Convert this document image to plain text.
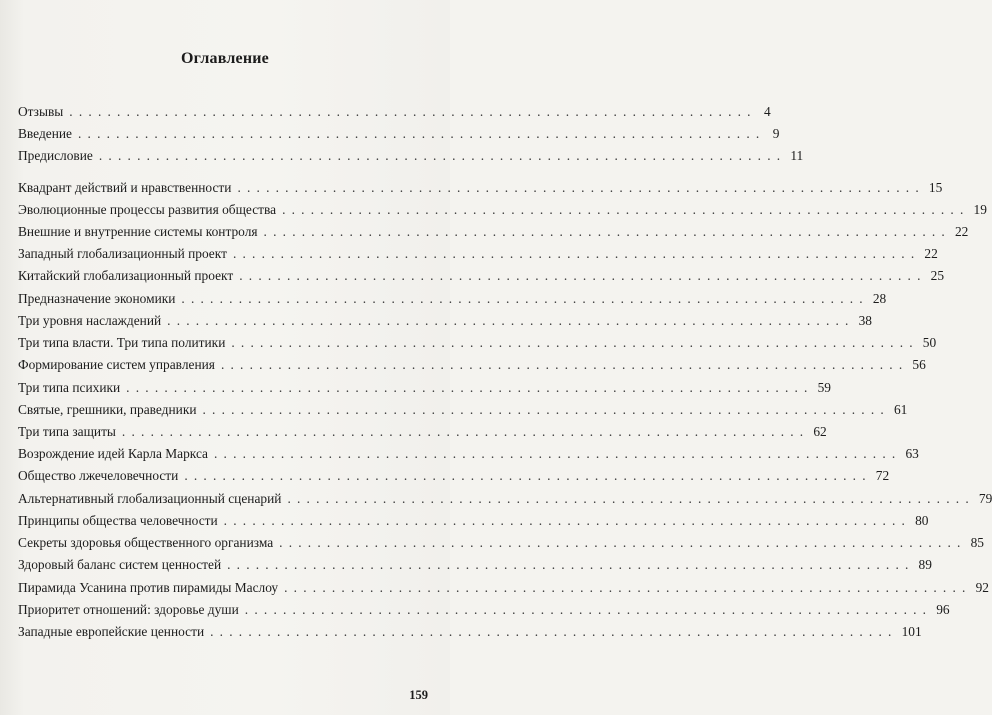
Оглавление
Отзывы ........................................................................ 4
Введение ........................................................................ 9
Предисловие ........................................................................ 11
Квадрант действий и нравственности ........................................................................ 15
Эволюционные процессы развития общества ........................................................................ 19
Внешние и внутренние системы контроля ........................................................................ 22
Западный глобализационный проект ........................................................................ 22
Китайский глобализационный проект ........................................................................ 25
Предназначение экономики ........................................................................ 28
Три уровня наслаждений ........................................................................ 38
Три типа власти. Три типа политики ........................................................................ 50
Формирование систем управления ........................................................................ 56
Три типа психики ........................................................................ 59
Святые, грешники, праведники ........................................................................ 61
Три типа защиты ........................................................................ 62
Возрождение идей Карла Маркса ........................................................................ 63
Общество лжечеловечности ........................................................................ 72
Альтернативный глобализационный сценарий ........................................................................ 79
Принципы общества человечности ........................................................................ 80
Секреты здоровья общественного организма ........................................................................ 85
Здоровый баланс систем ценностей ........................................................................ 89
Пирамида Усанина против пирамиды Маслоу ........................................................................ 92
Приоритет отношений: здоровье души ........................................................................ 96
Западные европейские ценности ........................................................................ 101
159
